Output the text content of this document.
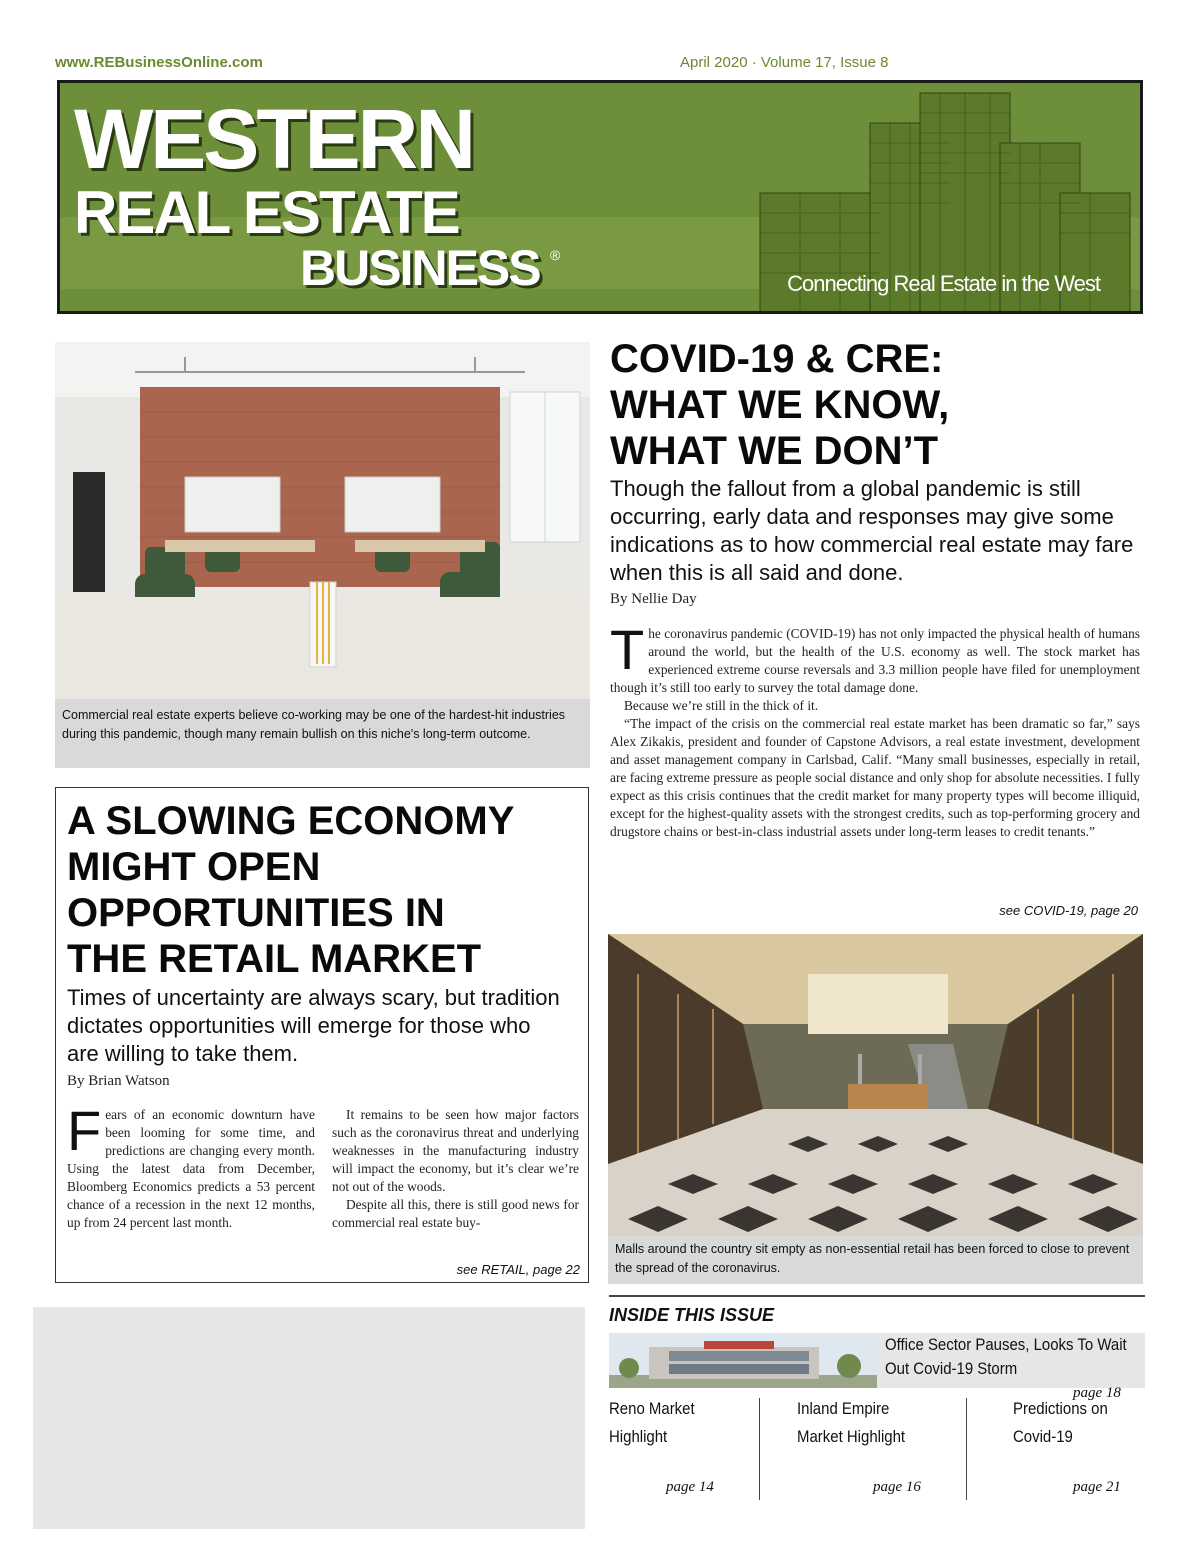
www.REBusinessOnline.com	April 2020 · Volume 17, Issue 8
WESTERN
REAL ESTATE
BUSINESS ®
Connecting Real Estate in the West
Commercial real estate experts believe co-working may be one of the hardest-hit industries during this pandemic, though many remain bullish on this niche's long-term outcome.
COVID-19 & CRE:
WHAT WE KNOW,
WHAT WE DON’T
Though the fallout from a global pandemic is still occurring, early data and responses may give some indications as to how commercial real estate may fare when this is all said and done.
By Nellie Day

The coronavirus pandemic (COVID-19) has not only impacted the physical health of humans around the world, but the health of the U.S. economy as well. The stock market has experienced extreme course reversals and 3.3 million people have filed for unemployment though it’s still too early to survey the total damage done.

Because we’re still in the thick of it.

“The impact of the crisis on the commercial real estate market has been dramatic so far,” says Alex Zikakis, president and founder of Capstone Advisors, a real estate investment, development and asset management company in Carlsbad, Calif. “Many small businesses, especially in retail, are facing extreme pressure as people social distance and only shop for absolute necessities. I fully expect as this crisis continues that the credit market for many property types will become illiquid, except for the highest-quality assets with the strongest credits, such as top-performing grocery and drugstore chains or best-in-class industrial assets under long-term leases to credit tenants.”

see COVID-19, page 20
Malls around the country sit empty as non-essential retail has been forced to close to prevent the spread of the coronavirus.
A SLOWING ECONOMY
MIGHT OPEN
OPPORTUNITIES IN
THE RETAIL MARKET
Times of uncertainty are always scary, but tradition dictates opportunities will emerge for those who are willing to take them.
By Brian Watson

Fears of an economic downturn have been looming for some time, and predictions are changing every month. Using the latest data from December, Bloomberg Economics predicts a 53 percent chance of a recession in the next 12 months, up from 24 percent last month.

It remains to be seen how major factors such as the coronavirus threat and underlying weaknesses in the manufacturing industry will impact the economy, but it’s clear we’re not out of the woods.

Despite all this, there is still good news for commercial real estate buy-

see RETAIL, page 22
INSIDE THIS ISSUE
Office Sector Pauses, Looks To Wait Out Covid-19 Storm
page 18
Reno Market
Highlight
page 14
Inland Empire
Market Highlight
page 16
Predictions on
Covid-19
page 21
